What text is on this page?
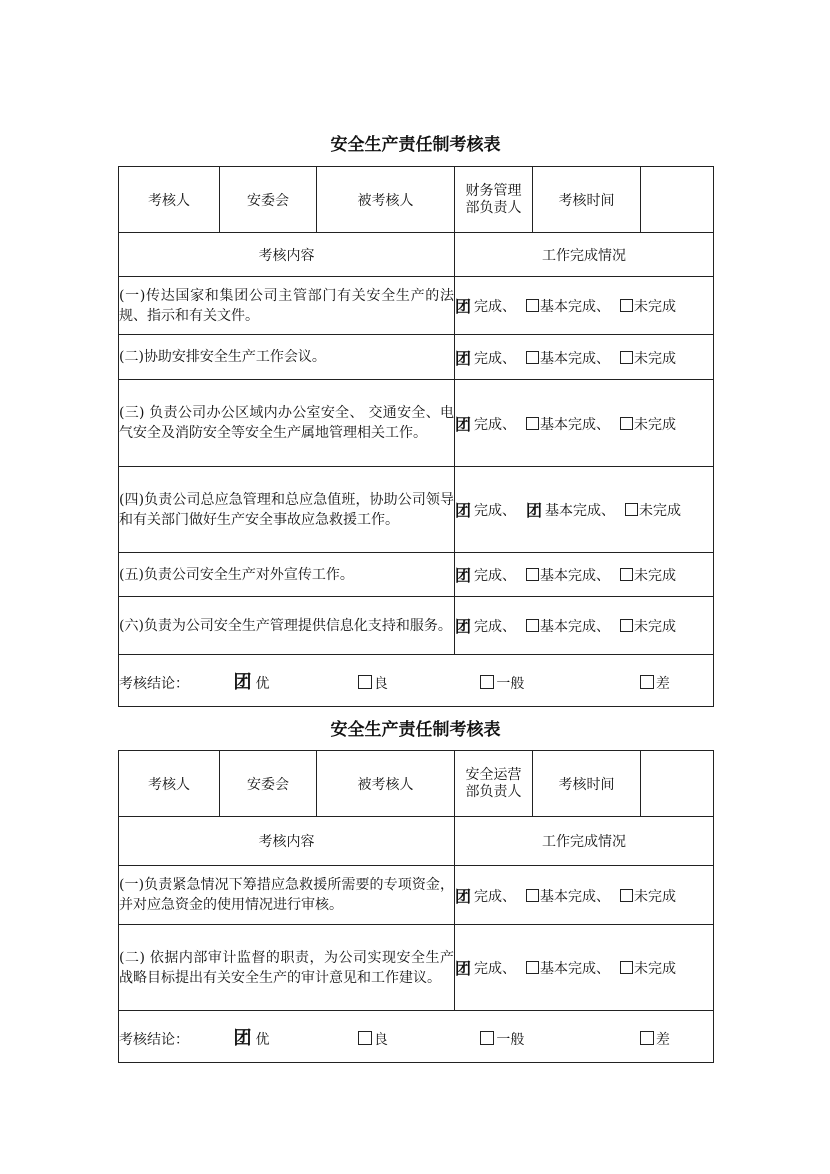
安全生产责任制考核表
考核人	安委会	被考核人	财务管理部负责人	考核时间	
考核内容			工作完成情况		
(一)传达国家和集团公司主管部门有关安全生产的法规、指示和有关文件。			团 完成、 基本完成、 未完成		
(二)协助安排安全生产工作会议。			团 完成、 基本完成、 未完成		
(三) 负责公司办公区域内办公室安全、 交通安全、电气安全及消防安全等安全生产属地管理相关工作。			团 完成、 基本完成、 未完成		
(四)负责公司总应急管理和总应急值班，协助公司领导和有关部门做好生产安全事故应急救援工作。			团 完成、 团 基本完成、 未完成		
(五)负责公司安全生产对外宣传工作。			团 完成、 基本完成、 未完成		
(六)负责为公司安全生产管理提供信息化支持和服务。			团 完成、 基本完成、 未完成		
考核结论： 团 优 良 一般 差					
安全生产责任制考核表
考核人	安委会	被考核人	安全运营部负责人	考核时间	
考核内容			工作完成情况		
(一)负责紧急情况下筹措应急救援所需要的专项资金，并对应急资金的使用情况进行审核。			团 完成、 基本完成、 未完成		
(二) 依据内部审计监督的职责，为公司实现安全生产战略目标提出有关安全生产的审计意见和工作建议。			团 完成、 基本完成、 未完成		
考核结论： 团 优 良 一般 差					
